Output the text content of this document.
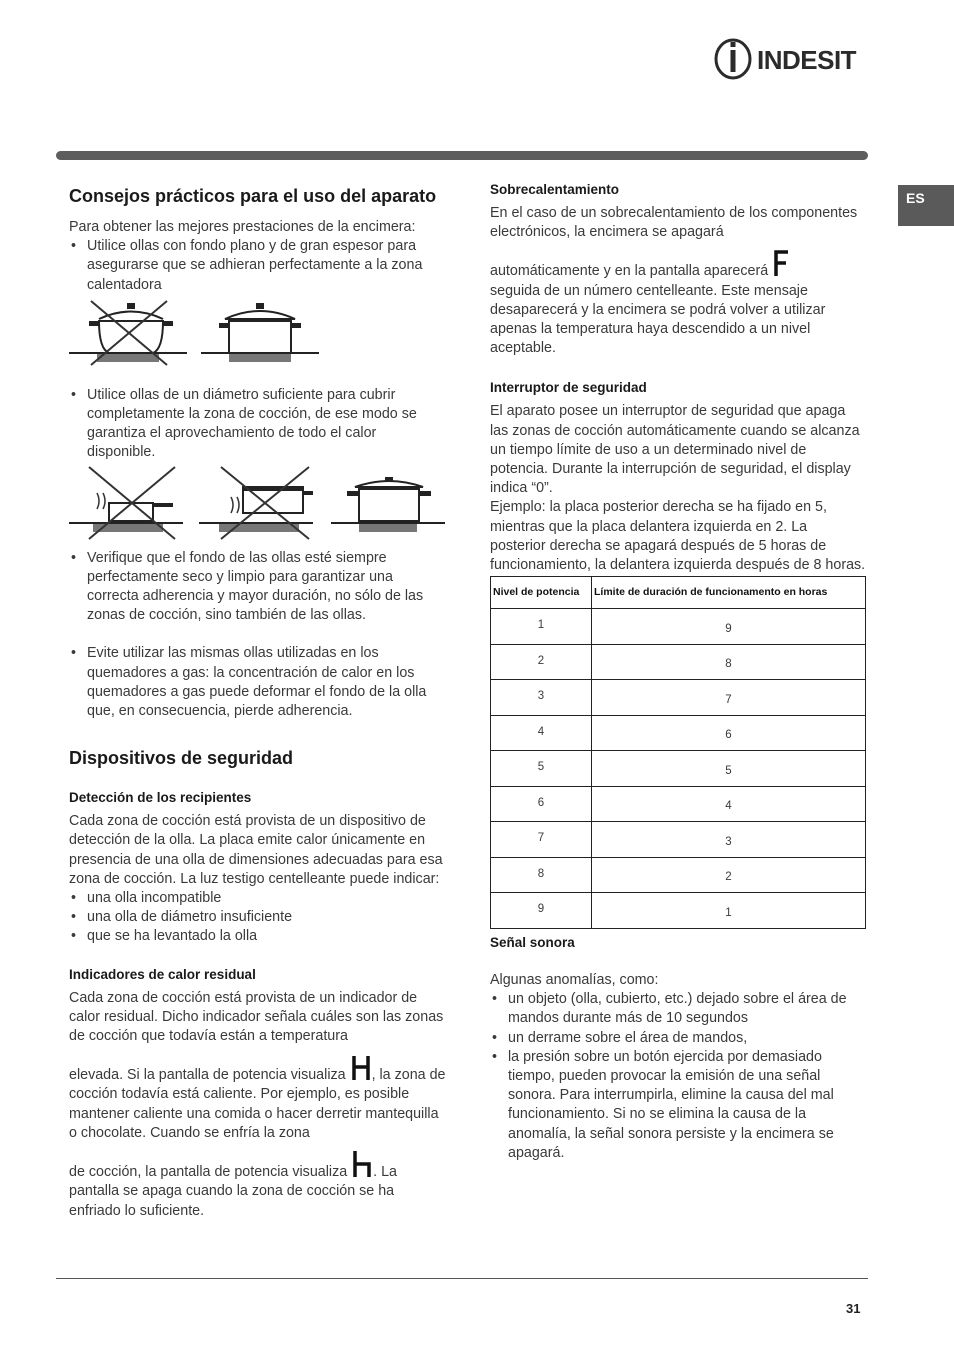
INDESIT
ES
Consejos prácticos para el uso del aparato

Para obtener las mejores prestaciones de la encimera:

• Utilice ollas con fondo plano y de gran espesor para asegurarse que se adhieran perfectamente a la zona calentadora
• Utilice ollas de un diámetro suficiente para cubrir completamente la zona de cocción, de ese modo se garantiza el aprovechamiento de todo el calor disponible.
• Verifique que el fondo de las ollas esté siempre perfectamente seco y limpio para garantizar una correcta adherencia y mayor duración, no sólo de las zonas de cocción, sino también de las ollas.
• Evite utilizar las mismas ollas utilizadas en los quemadores a gas: la concentración de calor en los quemadores a gas puede deformar el fondo de la olla que, en consecuencia, pierde adherencia.
Dispositivos de seguridad
Detección de los recipientes

Cada zona de cocción está provista de un dispositivo de detección de la olla. La placa emite calor únicamente en presencia de una olla de dimensiones adecuadas para esa zona de cocción. La luz testigo centelleante puede indicar:

• una olla incompatible
• una olla de diámetro insuficiente
• que se ha levantado la olla
Indicadores de calor residual

Cada zona de cocción está provista de un indicador de calor residual. Dicho indicador señala cuáles son las zonas de cocción que todavía están a temperatura

elevada. Si la pantalla de potencia visualiza , la zona de cocción todavía está caliente. Por ejemplo, es posible mantener caliente una comida o hacer derretir mantequilla o chocolate. Cuando se enfría la zona

de cocción, la pantalla de potencia visualiza . La pantalla se apaga cuando la zona de cocción se ha enfriado lo suficiente.

Sobrecalentamiento

En el caso de un sobrecalentamiento de los componentes electrónicos, la encimera se apagará

automáticamente y en la pantalla aparecerá
seguida de un número centelleante. Este mensaje desaparecerá y la encimera se podrá volver a utilizar apenas la temperatura haya descendido a un nivel aceptable.

Interruptor de seguridad

El aparato posee un interruptor de seguridad que apaga las zonas de cocción automáticamente cuando se alcanza un tiempo límite de uso a un determinado nivel de potencia. Durante la interrupción de seguridad, el display indica “0”.

Ejemplo: la placa posterior derecha se ha fijado en 5, mientras que la placa delantera izquierda en 2. La posterior derecha se apagará después de 5 horas de funcionamiento, la delantera izquierda después de 8 horas.

Nivel de potencia	Límite de duración de funcionamento en horas
1	9
2	8
3	7
4	6
5	5
6	4
7	3
8	2
9	1
Señal sonora

Algunas anomalías, como:

• un objeto (olla, cubierto, etc.) dejado sobre el área de mandos durante más de 10 segundos
• un derrame sobre el área de mandos,
• la presión sobre un botón ejercida por demasiado tiempo, pueden provocar la emisión de una señal sonora. Para interrumpirla, elimine la causa del mal funcionamiento. Si no se elimina la causa de la anomalía, la señal sonora persiste y la encimera se apagará.
31
